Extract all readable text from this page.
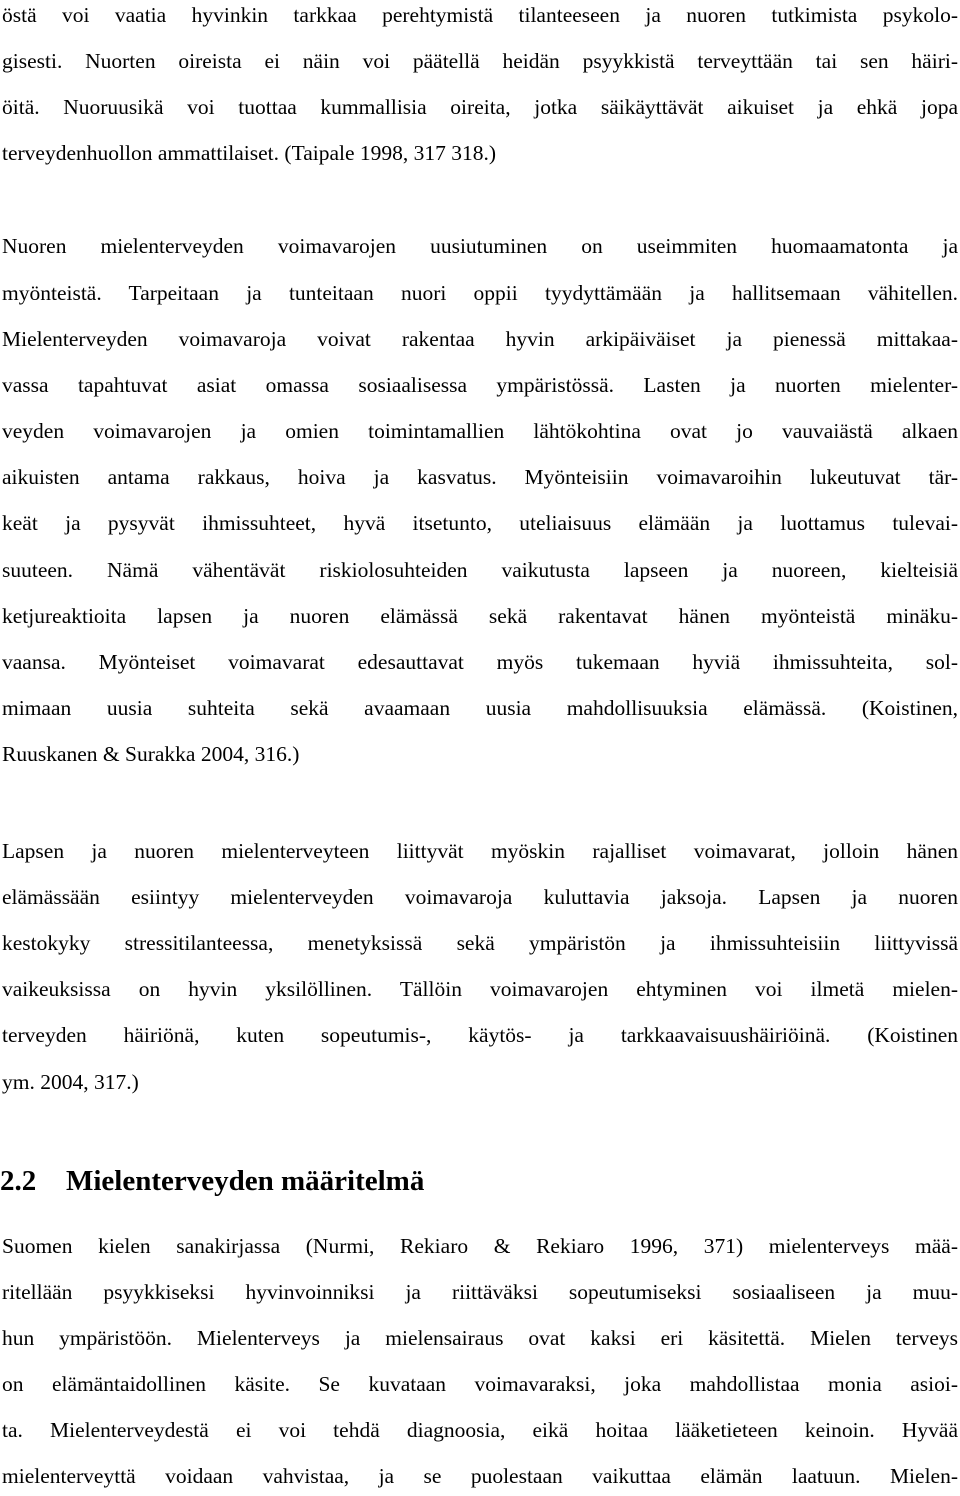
östä voi vaatia hyvinkin tarkkaa perehtymistä tilanteeseen ja nuoren tutkimista psykolo-
gisesti. Nuorten oireista ei näin voi päätellä heidän psyykkistä terveyttään tai sen häiri-
öitä. Nuoruusikä voi tuottaa kummallisia oireita, jotka säikäyttävät aikuiset ja ehkä jopa
terveydenhuollon ammattilaiset. (Taipale 1998, 317 318.)
Nuoren mielenterveyden voimavarojen uusiutuminen on useimmiten huomaamatonta ja
myönteistä. Tarpeitaan ja tunteitaan nuori oppii tyydyttämään ja hallitsemaan vähitellen.
Mielenterveyden voimavaroja voivat rakentaa hyvin arkipäiväiset ja pienessä mittakaa-
vassa tapahtuvat asiat omassa sosiaalisessa ympäristössä. Lasten ja nuorten mielenter-
veyden voimavarojen ja omien toimintamallien lähtökohtina ovat jo vauvaiästä alkaen
aikuisten antama rakkaus, hoiva ja kasvatus. Myönteisiin voimavaroihin lukeutuvat tär-
keät ja pysyvät ihmissuhteet, hyvä itsetunto, uteliaisuus elämään ja luottamus tulevai-
suuteen. Nämä vähentävät riskiolosuhteiden vaikutusta lapseen ja nuoreen, kielteisiä
ketjureaktioita lapsen ja nuoren elämässä sekä rakentavat hänen myönteistä minäku-
vaansa. Myönteiset voimavarat edesauttavat myös tukemaan hyviä ihmissuhteita, sol-
mimaan uusia suhteita sekä avaamaan uusia mahdollisuuksia elämässä. (Koistinen,
Ruuskanen & Surakka 2004, 316.)
Lapsen ja nuoren mielenterveyteen liittyvät myöskin rajalliset voimavarat, jolloin hänen
elämässään esiintyy mielenterveyden voimavaroja kuluttavia jaksoja. Lapsen ja nuoren
kestokyky stressitilanteessa, menetyksissä sekä ympäristön ja ihmissuhteisiin liittyvissä
vaikeuksissa on hyvin yksilöllinen. Tällöin voimavarojen ehtyminen voi ilmetä mielen-
terveyden häiriönä, kuten sopeutumis-, käytös- ja tarkkaavaisuushäiriöinä. (Koistinen
ym. 2004, 317.)
2.2 Mielenterveyden määritelmä
Suomen kielen sanakirjassa (Nurmi, Rekiaro & Rekiaro 1996, 371) mielenterveys mää-
ritellään psyykkiseksi hyvinvoinniksi ja riittäväksi sopeutumiseksi sosiaaliseen ja muu-
hun ympäristöön. Mielenterveys ja mielensairaus ovat kaksi eri käsitettä. Mielen terveys
on elämäntaidollinen käsite. Se kuvataan voimavaraksi, joka mahdollistaa monia asioi-
ta. Mielenterveydestä ei voi tehdä diagnoosia, eikä hoitaa lääketieteen keinoin. Hyvää
mielenterveyttä voidaan vahvistaa, ja se puolestaan vaikuttaa elämän laatuun. Mielen-
